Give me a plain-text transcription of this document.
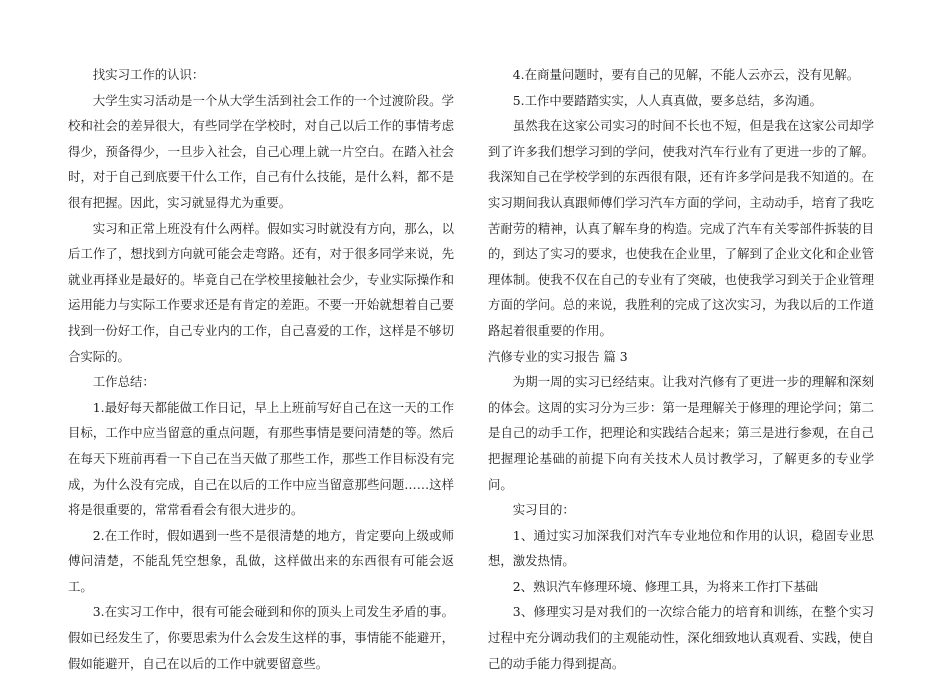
找实习工作的认识：

大学生实习活动是一个从大学生活到社会工作的一个过渡阶段。学校和社会的差异很大，有些同学在学校时，对自己以后工作的事情考虑得少，预备得少，一旦步入社会，自己心理上就一片空白。在踏入社会时，对于自己到底要干什么工作，自己有什么技能，是什么料，都不是很有把握。因此，实习就显得尤为重要。

实习和正常上班没有什么两样。假如实习时就没有方向，那么，以后工作了，想找到方向就可能会走弯路。还有，对于很多同学来说，先就业再择业是最好的。毕竟自己在学校里接触社会少，专业实际操作和运用能力与实际工作要求还是有肯定的差距。不要一开始就想着自己要找到一份好工作，自己专业内的工作，自己喜爱的工作，这样是不够切合实际的。

工作总结：

1.最好每天都能做工作日记，早上上班前写好自己在这一天的工作目标，工作中应当留意的重点问题，有那些事情是要问清楚的等。然后在每天下班前再看一下自己在当天做了那些工作，那些工作目标没有完成，为什么没有完成，自己在以后的工作中应当留意那些问题……这样将是很重要的，常常看看会有很大进步的。

2.在工作时，假如遇到一些不是很清楚的地方，肯定要向上级或师傅问清楚，不能乱凭空想象，乱做，这样做出来的东西很有可能会返工。

3.在实习工作中，很有可能会碰到和你的顶头上司发生矛盾的事。假如已经发生了，你要思索为什么会发生这样的事，事情能不能避开，假如能避开，自己在以后的工作中就要留意些。

4.在商量问题时，要有自己的见解，不能人云亦云，没有见解。

5.工作中要踏踏实实，人人真真做，要多总结，多沟通。

虽然我在这家公司实习的时间不长也不短，但是我在这家公司却学到了许多我们想学习到的学问，使我对汽车行业有了更进一步的了解。我深知自己在学校学到的东西很有限，还有许多学问是我不知道的。在实习期间我认真跟师傅们学习汽车方面的学问，主动动手，培育了我吃苦耐劳的精神，认真了解车身的构造。完成了汽车有关零部件拆装的目的，到达了实习的要求，也使我在企业里，了解到了企业文化和企业管理体制。使我不仅在自己的专业有了突破，也使我学习到关于企业管理方面的学问。总的来说，我胜利的完成了这次实习，为我以后的工作道路起着很重要的作用。

汽修专业的实习报告 篇 3

为期一周的实习已经结束。让我对汽修有了更进一步的理解和深刻的体会。这周的实习分为三步：第一是理解关于修理的理论学问；第二是自己的动手工作，把理论和实践结合起来；第三是进行参观，在自己把握理论基础的前提下向有关技术人员讨教学习，了解更多的专业学问。

实习目的：

1、通过实习加深我们对汽车专业地位和作用的认识，稳固专业思想，激发热情。

2、熟识汽车修理环境、修理工具，为将来工作打下基础

3、修理实习是对我们的一次综合能力的培育和训练，在整个实习过程中充分调动我们的主观能动性，深化细致地认真观看、实践，使自己的动手能力得到提高。
